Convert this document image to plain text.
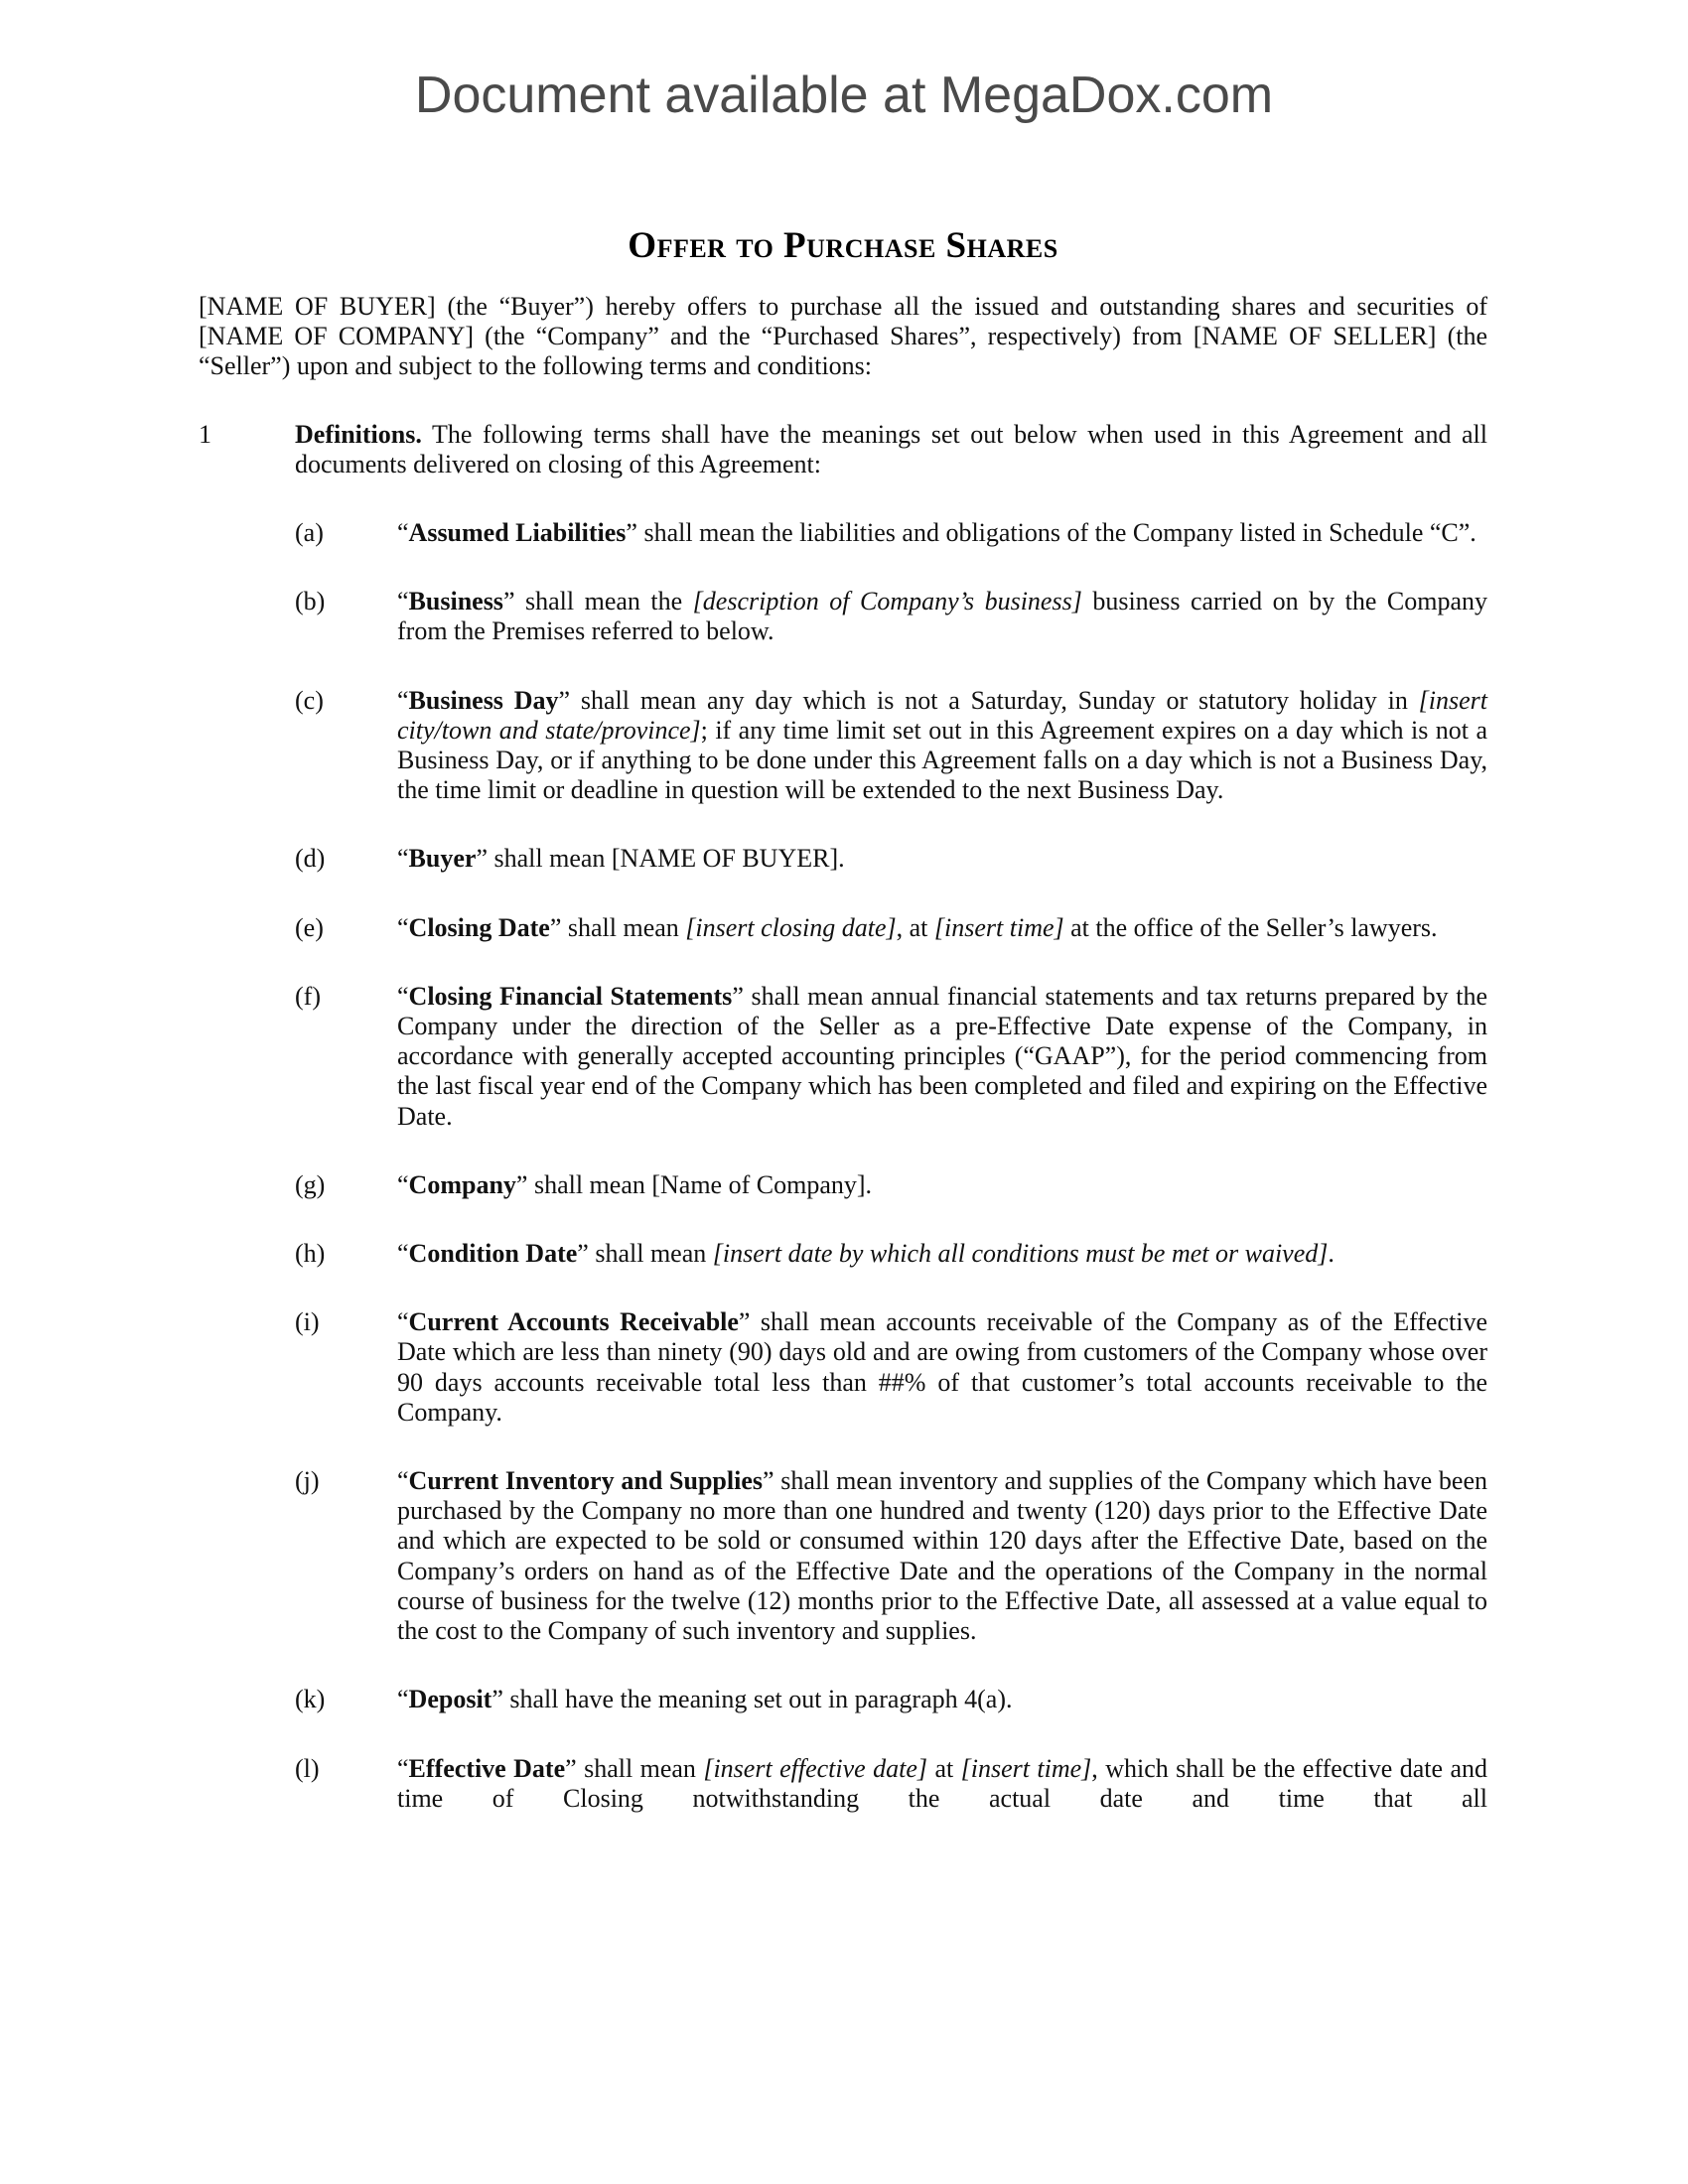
Document available at MegaDox.com
Offer to Purchase Shares

[NAME OF BUYER] (the “Buyer”) hereby offers to purchase all the issued and outstanding shares and securities of [NAME OF COMPANY] (the “Company” and the “Purchased Shares”, respectively) from [NAME OF SELLER] (the “Seller”) upon and subject to the following terms and conditions:

1	Definitions. The following terms shall have the meanings set out below when used in this Agreement and all documents delivered on closing of this Agreement:

(a)	“Assumed Liabilities” shall mean the liabilities and obligations of the Company listed in Schedule “C”.

(b)	“Business” shall mean the [description of Company’s business] business carried on by the Company from the Premises referred to below.

(c)	“Business Day” shall mean any day which is not a Saturday, Sunday or statutory holiday in [insert city/town and state/province]; if any time limit set out in this Agreement expires on a day which is not a Business Day, or if anything to be done under this Agreement falls on a day which is not a Business Day, the time limit or deadline in question will be extended to the next Business Day.

(d)	“Buyer” shall mean [NAME OF BUYER].

(e)	“Closing Date” shall mean [insert closing date], at [insert time] at the office of the Seller’s lawyers.

(f)	“Closing Financial Statements” shall mean annual financial statements and tax returns prepared by the Company under the direction of the Seller as a pre-Effective Date expense of the Company, in accordance with generally accepted accounting principles (“GAAP”), for the period commencing from the last fiscal year end of the Company which has been completed and filed and expiring on the Effective Date.

(g)	“Company” shall mean [Name of Company].

(h)	“Condition Date” shall mean [insert date by which all conditions must be met or waived].

(i)	“Current Accounts Receivable” shall mean accounts receivable of the Company as of the Effective Date which are less than ninety (90) days old and are owing from customers of the Company whose over 90 days accounts receivable total less than ##% of that customer’s total accounts receivable to the Company.

(j)	“Current Inventory and Supplies” shall mean inventory and supplies of the Company which have been purchased by the Company no more than one hundred and twenty (120) days prior to the Effective Date and which are expected to be sold or consumed within 120 days after the Effective Date, based on the Company’s orders on hand as of the Effective Date and the operations of the Company in the normal course of business for the twelve (12) months prior to the Effective Date, all assessed at a value equal to the cost to the Company of such inventory and supplies.

(k)	“Deposit” shall have the meaning set out in paragraph 4(a).

(l)	“Effective Date” shall mean [insert effective date] at [insert time], which shall be the effective date and time of Closing notwithstanding the actual date and time that all
